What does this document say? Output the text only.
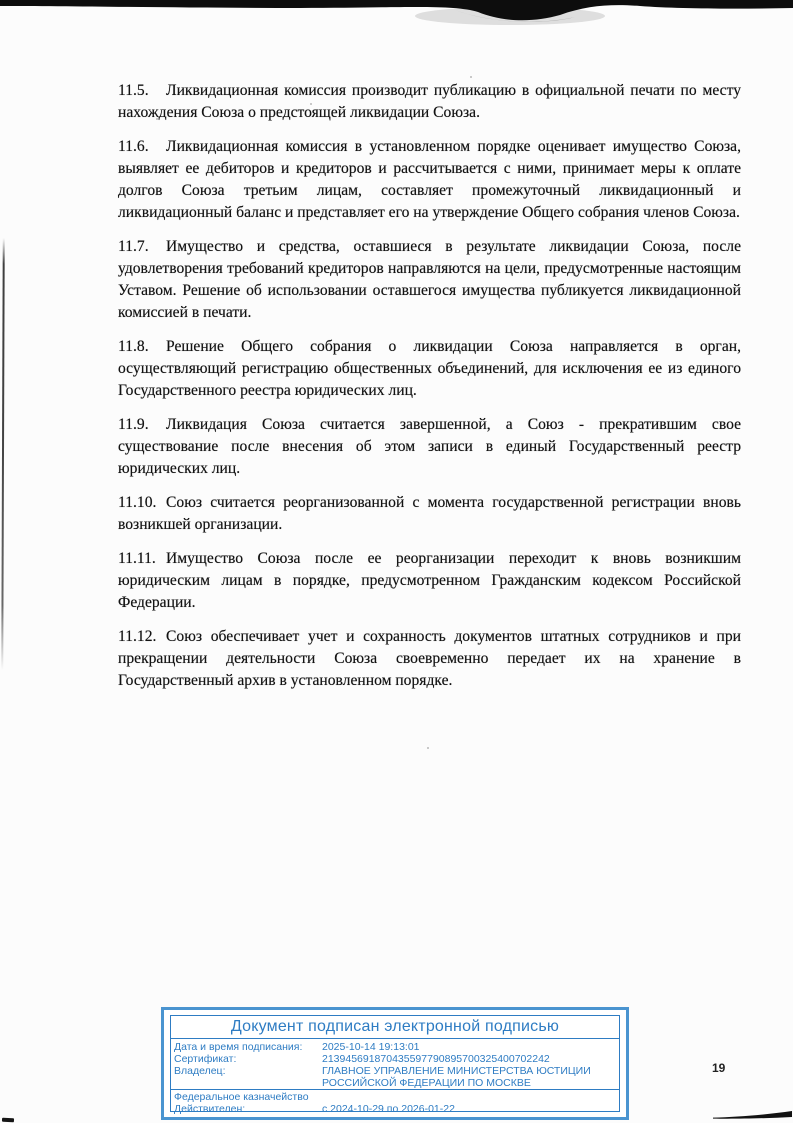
11.5. Ликвидационная комиссия производит публикацию в официальной печати по месту нахождения Союза о предстоящей ликвидации Союза.

11.6. Ликвидационная комиссия в установленном порядке оценивает имущество Союза, выявляет ее дебиторов и кредиторов и рассчитывается с ними, принимает меры к оплате долгов Союза третьим лицам, составляет промежуточный ликвидационный и ликвидационный баланс и представляет его на утверждение Общего собрания членов Союза.

11.7. Имущество и средства, оставшиеся в результате ликвидации Союза, после удовлетворения требований кредиторов направляются на цели, предусмотренные настоящим Уставом. Решение об использовании оставшегося имущества публикуется ликвидационной комиссией в печати.

11.8. Решение Общего собрания о ликвидации Союза направляется в орган, осуществляющий регистрацию общественных объединений, для исключения ее из единого Государственного реестра юридических лиц.

11.9. Ликвидация Союза считается завершенной, а Союз - прекратившим свое существование после внесения об этом записи в единый Государственный реестр юридических лиц.

11.10. Союз считается реорганизованной с момента государственной регистрации вновь возникшей организации.

11.11. Имущество Союза после ее реорганизации переходит к вновь возникшим юридическим лицам в порядке, предусмотренном Гражданским кодексом Российской Федерации.

11.12. Союз обеспечивает учет и сохранность документов штатных сотрудников и при прекращении деятельности Союза своевременно передает их на хранение в Государственный архив в установленном порядке.

Документ подписан электронной подписью
Дата и время подписания:	2025-10-14 19:13:01
Сертификат:	213945691870435597790895700325400702242
Владелец:	ГЛАВНОЕ УПРАВЛЕНИЕ МИНИСТЕРСТВА ЮСТИЦИИ
РОССИЙСКОЙ ФЕДЕРАЦИИ ПО МОСКВЕ
Федеральное казначейство
Действителен:	с 2024-10-29 по 2026-01-22
19
